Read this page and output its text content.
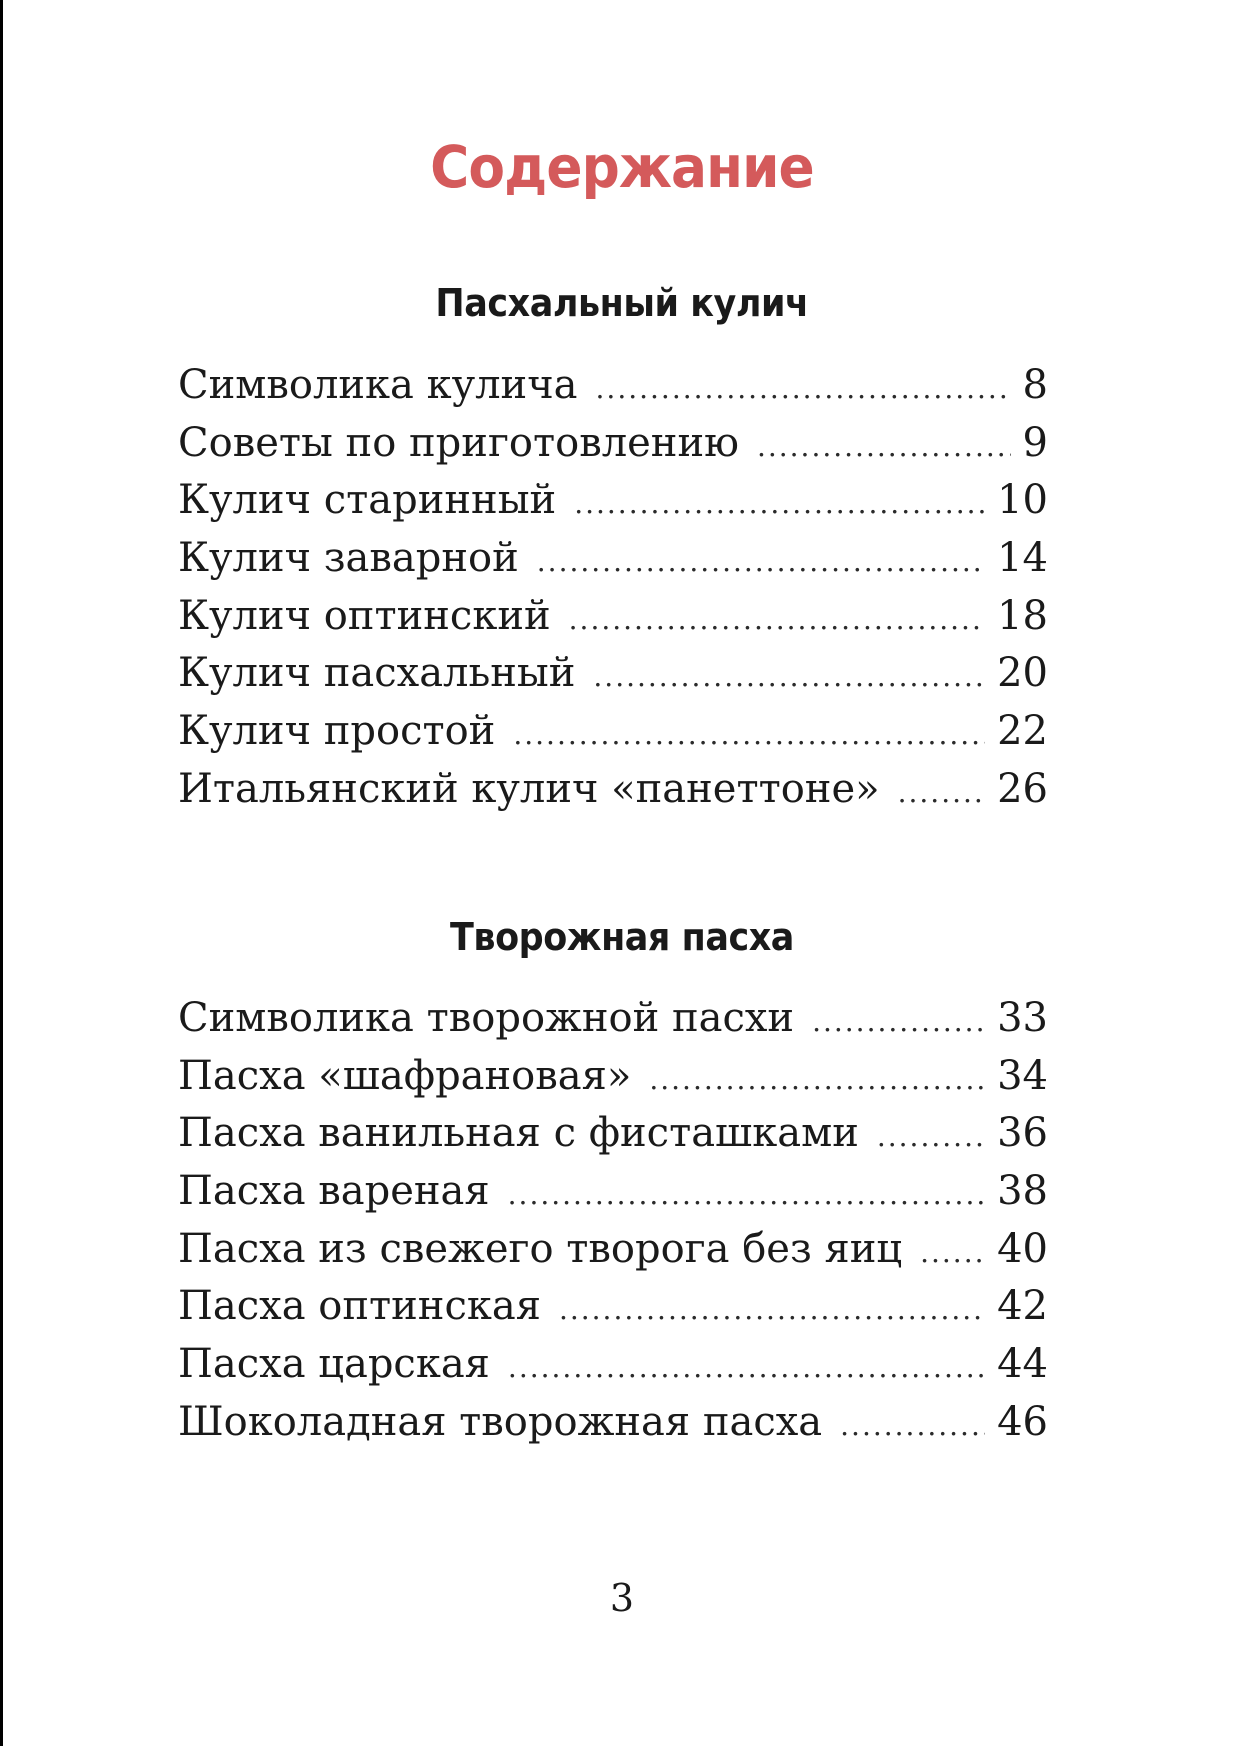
Содержание
Пасхальный кулич
Символика кулича .....	8
Советы по приготовлению .....	9
Кулич старинный .....	10
Кулич заварной .....	14
Кулич оптинский .....	18
Кулич пасхальный .....	20
Кулич простой .....	22
Итальянский кулич «панеттоне» .....	26
Творожная пасха
Символика творожной пасхи .....	33
Пасха «шафрановая» .....	34
Пасха ванильная с фисташками .....	36
Пасха вареная .....	38
Пасха из свежего творога без яиц .....	40
Пасха оптинская .....	42
Пасха царская .....	44
Шоколадная творожная пасха .....	46
3
